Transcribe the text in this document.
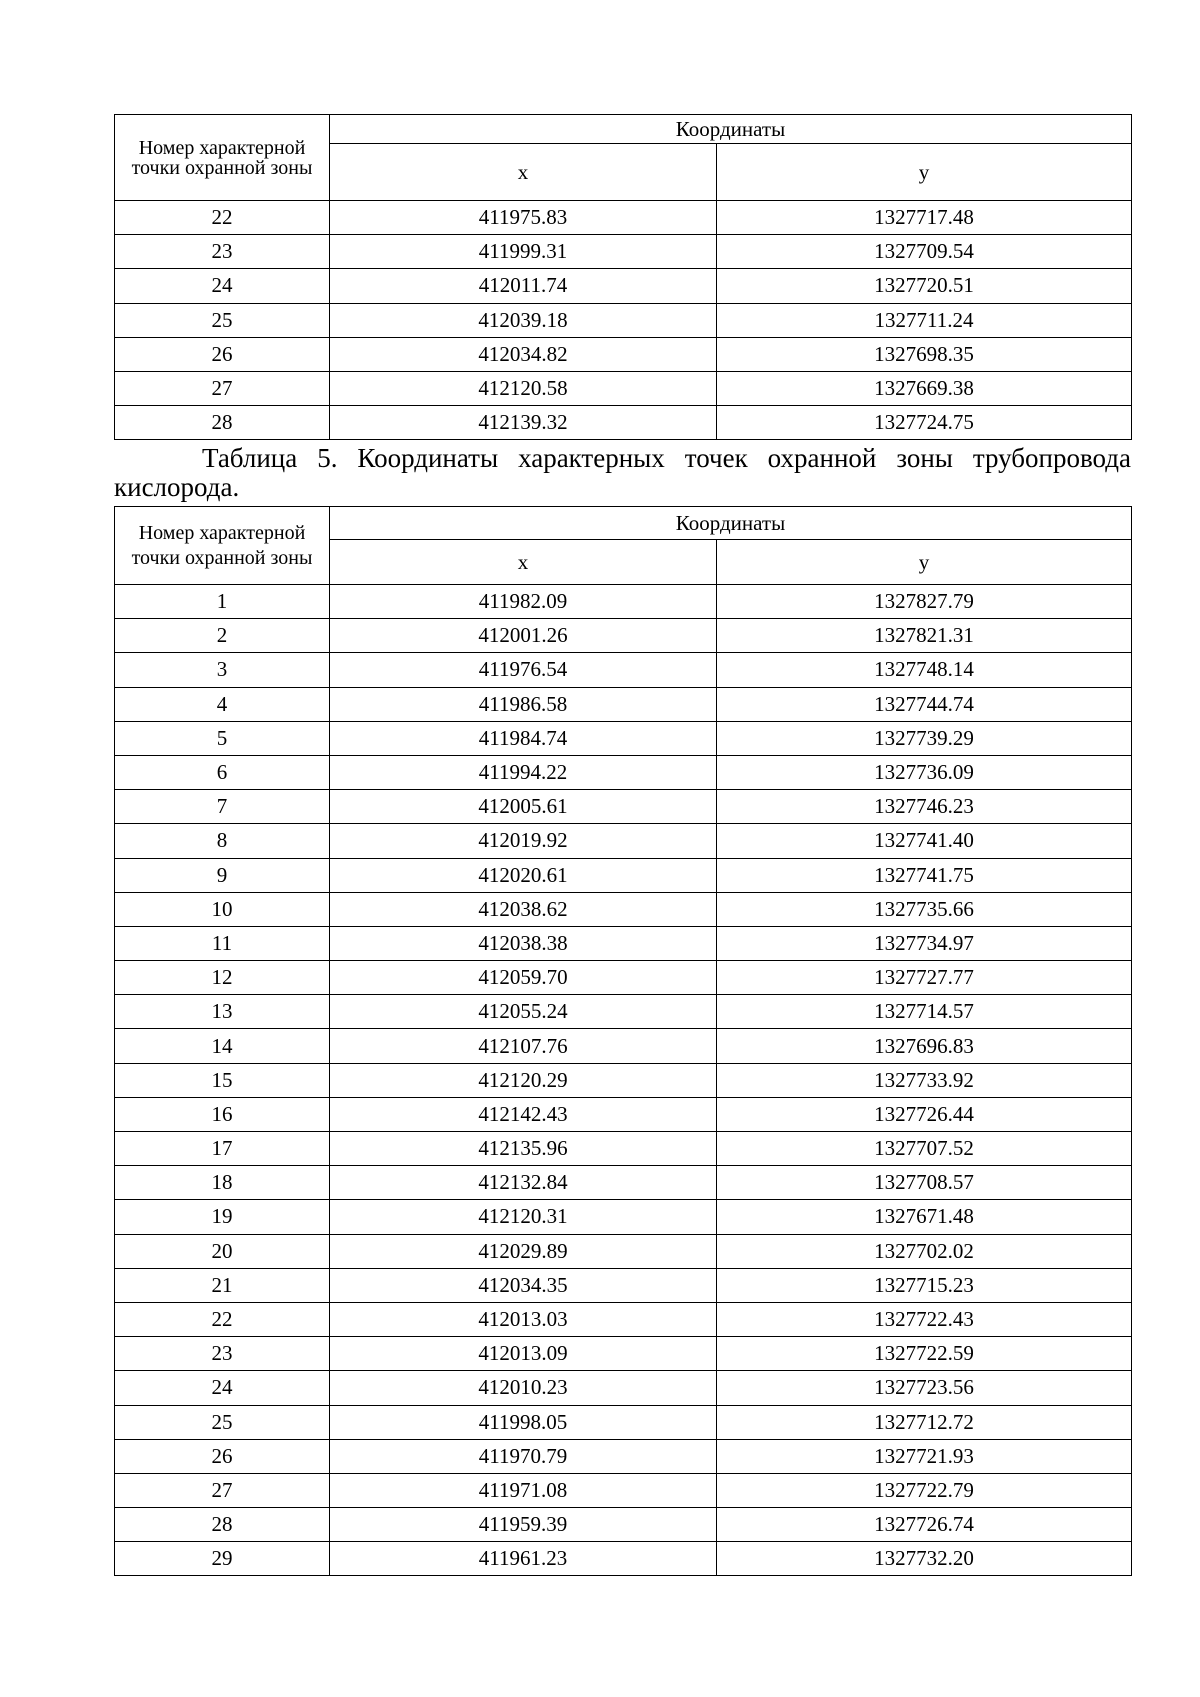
Номер характерной точки охранной зоны	Координаты	
	x	y
22	411975.83	1327717.48
23	411999.31	1327709.54
24	412011.74	1327720.51
25	412039.18	1327711.24
26	412034.82	1327698.35
27	412120.58	1327669.38
28	412139.32	1327724.75

Таблица 5. Координаты характерных точек охранной зоны трубопровода кислорода.

Номер характерной точки охранной зоны	Координаты	
	x	y
1	411982.09	1327827.79
2	412001.26	1327821.31
3	411976.54	1327748.14
4	411986.58	1327744.74
5	411984.74	1327739.29
6	411994.22	1327736.09
7	412005.61	1327746.23
8	412019.92	1327741.40
9	412020.61	1327741.75
10	412038.62	1327735.66
11	412038.38	1327734.97
12	412059.70	1327727.77
13	412055.24	1327714.57
14	412107.76	1327696.83
15	412120.29	1327733.92
16	412142.43	1327726.44
17	412135.96	1327707.52
18	412132.84	1327708.57
19	412120.31	1327671.48
20	412029.89	1327702.02
21	412034.35	1327715.23
22	412013.03	1327722.43
23	412013.09	1327722.59
24	412010.23	1327723.56
25	411998.05	1327712.72
26	411970.79	1327721.93
27	411971.08	1327722.79
28	411959.39	1327726.74
29	411961.23	1327732.20
